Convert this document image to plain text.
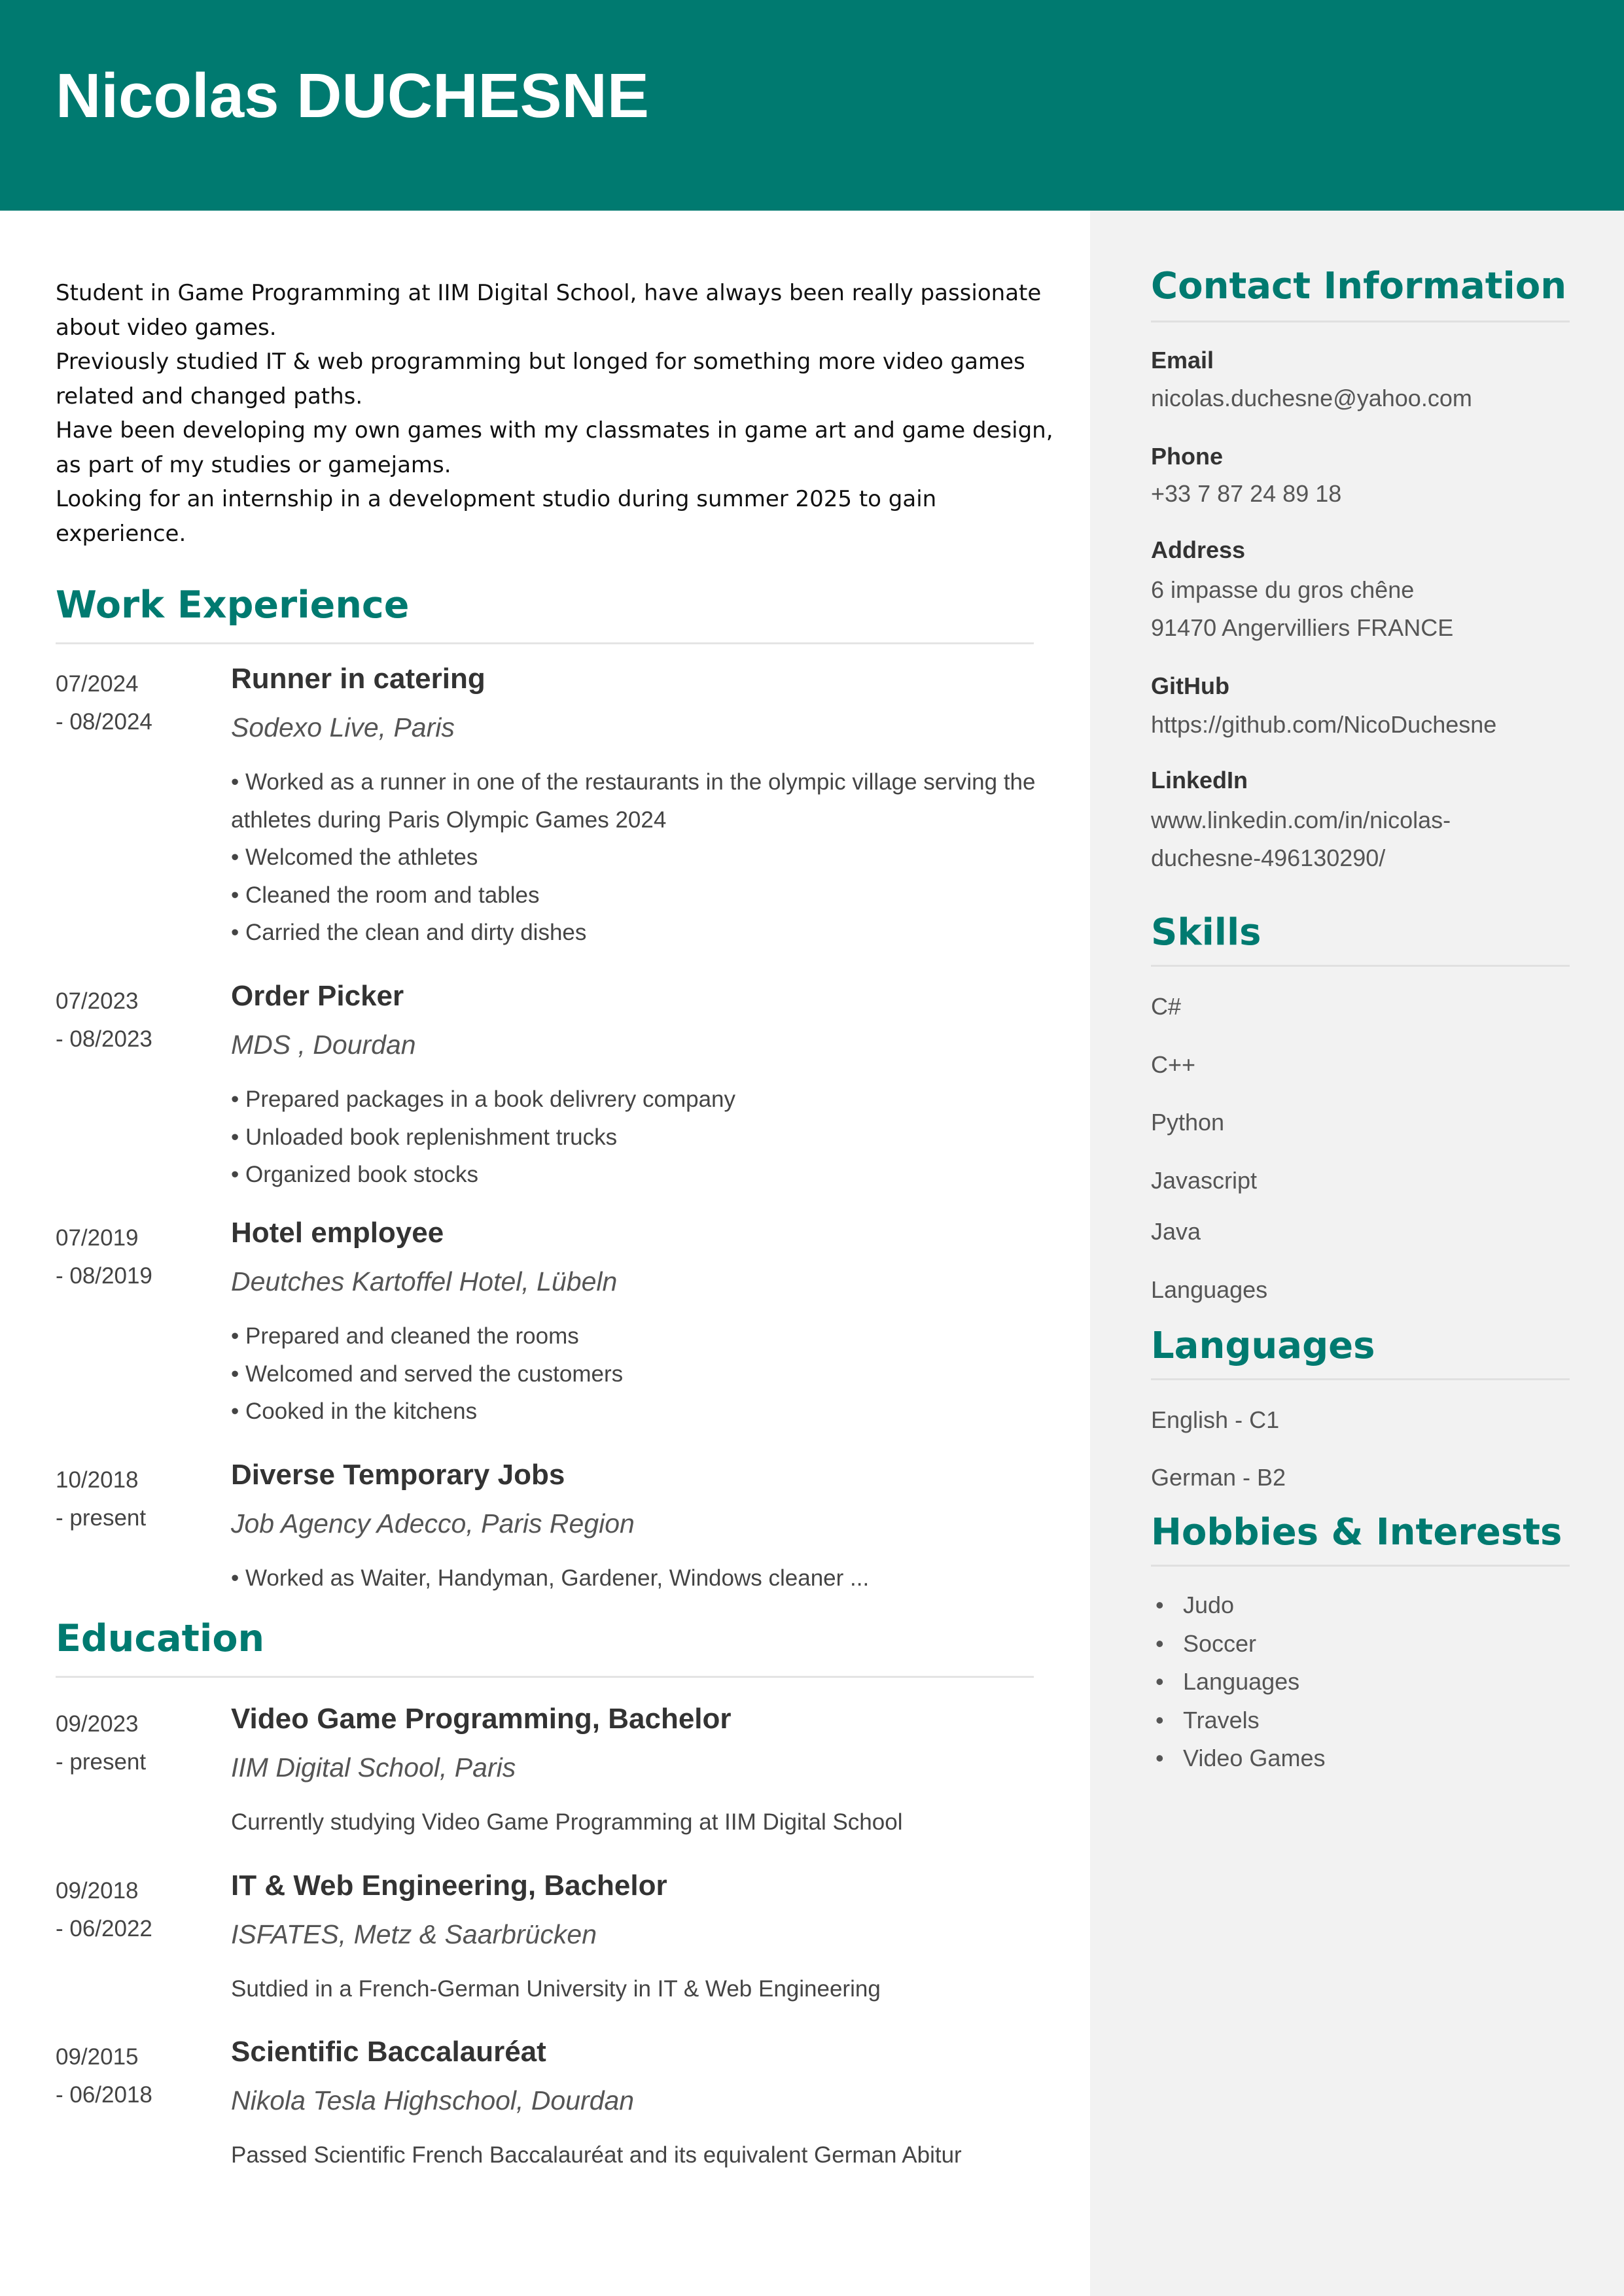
Nicolas DUCHESNE

Student in Game Programming at IIM Digital School, have always been really passionate about video games.

Previously studied IT & web programming but longed for something more video games related and changed paths.

Have been developing my own games with my classmates in game art and game design, as part of my studies or gamejams.

Looking for an internship in a development studio during summer 2025 to gain experience.

Work Experience
07/2024
- 08/2024
Runner in catering
Sodexo Live, Paris
• Worked as a runner in one of the restaurants in the olympic village serving the athletes during Paris Olympic Games 2024
• Welcomed the athletes
• Cleaned the room and tables
• Carried the clean and dirty dishes
07/2023
- 08/2023
Order Picker
MDS , Dourdan
• Prepared packages in a book delivrery company
• Unloaded book replenishment trucks
• Organized book stocks
07/2019
- 08/2019
Hotel employee
Deutches Kartoffel Hotel, Lübeln
• Prepared and cleaned the rooms
• Welcomed and served the customers
• Cooked in the kitchens
10/2018
- present
Diverse Temporary Jobs
Job Agency Adecco, Paris Region
• Worked as Waiter, Handyman, Gardener, Windows cleaner ...
Education
09/2023
- present
Video Game Programming, Bachelor
IIM Digital School, Paris
Currently studying Video Game Programming at IIM Digital School
09/2018
- 06/2022
IT & Web Engineering, Bachelor
ISFATES, Metz & Saarbrücken
Sutdied in a French-German University in IT & Web Engineering
09/2015
- 06/2018
Scientific Baccalauréat
Nikola Tesla Highschool, Dourdan
Passed Scientific French Baccalauréat and its equivalent German Abitur
Contact Information
Email
nicolas.duchesne@yahoo.com
Phone
+33 7 87 24 89 18
Address
6 impasse du gros chêne
91470 Angervilliers FRANCE
GitHub
https://github.com/NicoDuchesne
LinkedIn
www.linkedin.com/in/nicolas-
duchesne-496130290/
Skills
C#
C++
Python
Javascript
Java
Languages
Languages
English - C1
German - B2
Hobbies & Interests
• Judo
• Soccer
• Languages
• Travels
• Video Games
